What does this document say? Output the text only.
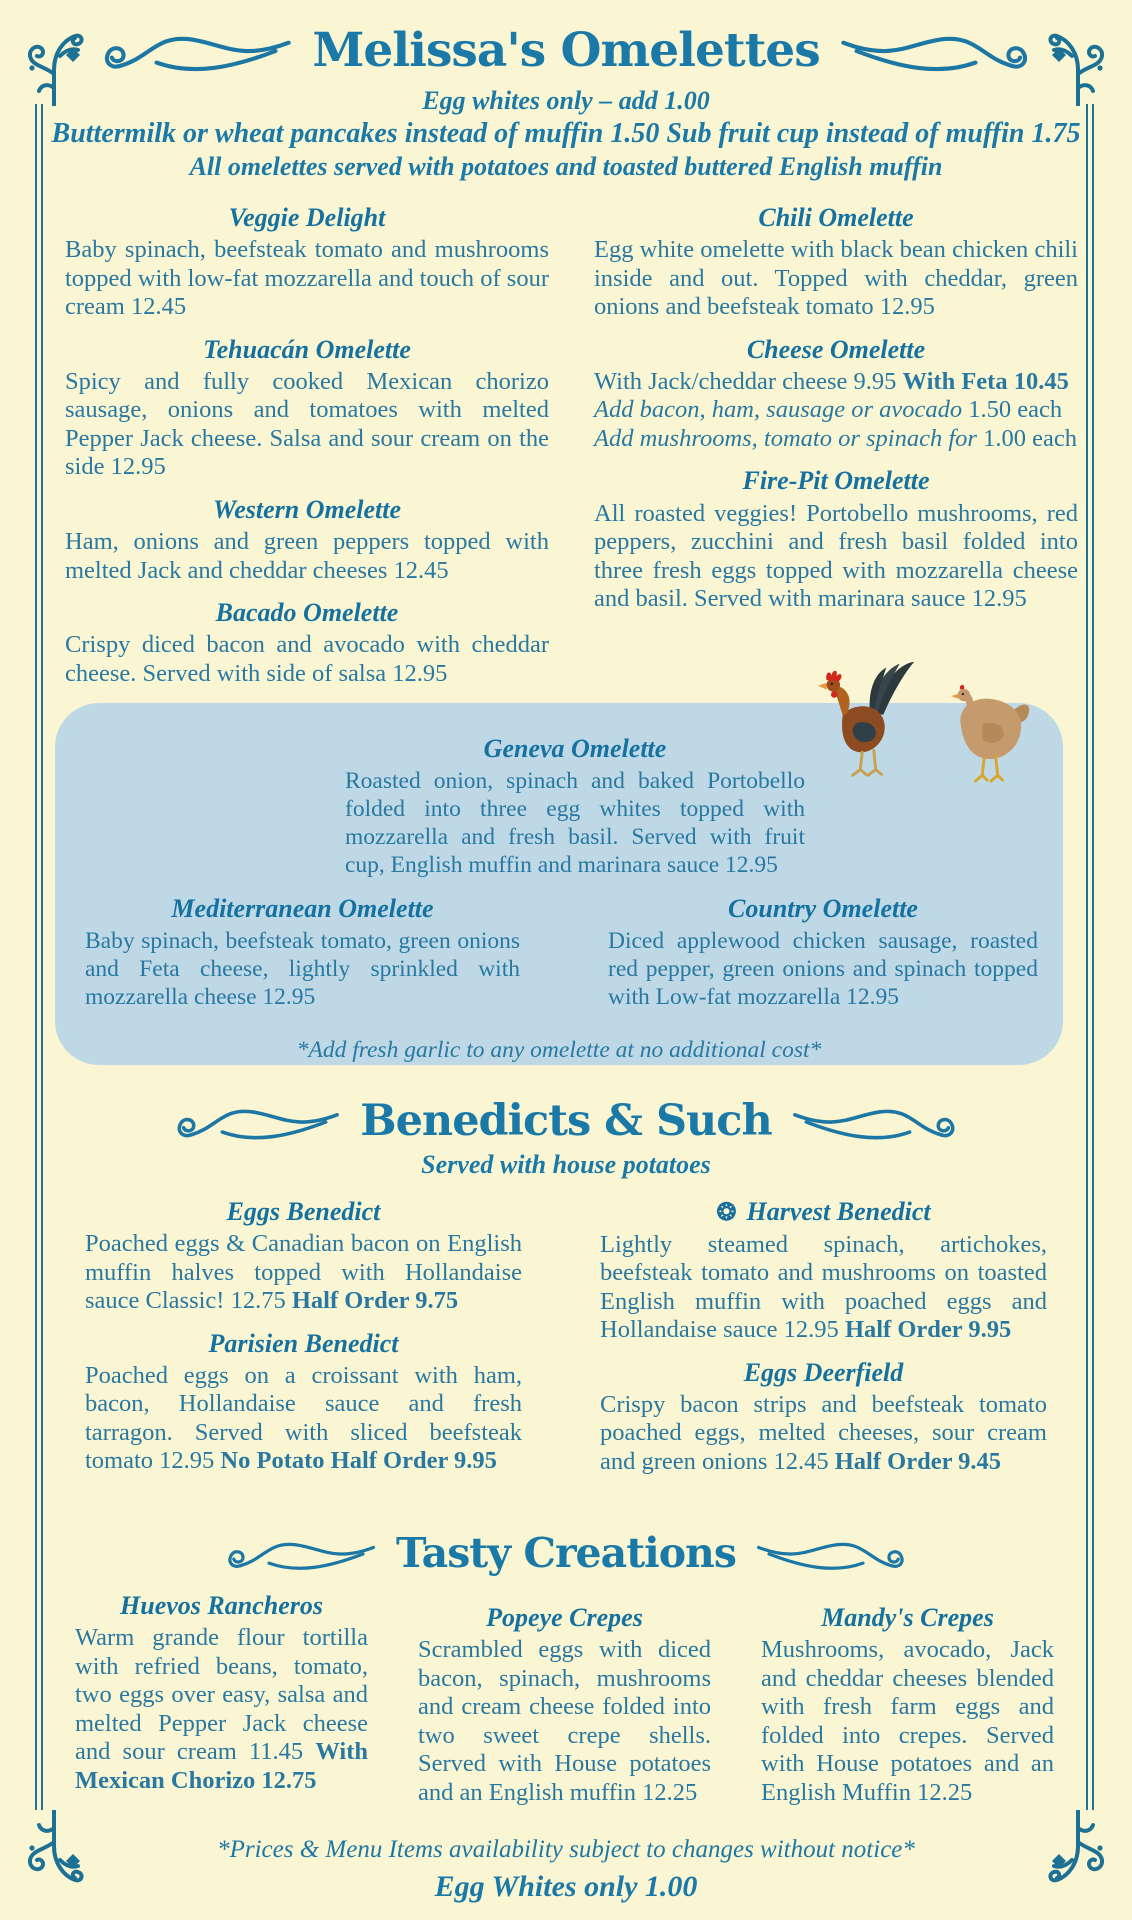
Melissa's Omelettes
Egg whites only – add 1.00
Buttermilk or wheat pancakes instead of muffin 1.50 Sub fruit cup instead of muffin 1.75
All omelettes served with potatoes and toasted buttered English muffin
Veggie Delight

Baby spinach, beefsteak tomato and mushrooms topped with low-fat mozzarella and touch of sour cream 12.45

Tehuacán Omelette

Spicy and fully cooked Mexican chorizo sausage, onions and tomatoes with melted Pepper Jack cheese. Salsa and sour cream on the side 12.95

Western Omelette

Ham, onions and green peppers topped with melted Jack and cheddar cheeses 12.45

Bacado Omelette

Crispy diced bacon and avocado with cheddar cheese. Served with side of salsa 12.95

Chili Omelette

Egg white omelette with black bean chicken chili inside and out. Topped with cheddar, green onions and beefsteak tomato 12.95

Cheese Omelette

With Jack/cheddar cheese 9.95 With Feta 10.45
Add bacon, ham, sausage or avocado 1.50 each
Add mushrooms, tomato or spinach for 1.00 each

Fire-Pit Omelette

All roasted veggies! Portobello mushrooms, red peppers, zucchini and fresh basil folded into three fresh eggs topped with mozzarella cheese and basil. Served with marinara sauce 12.95

Geneva Omelette

Roasted onion, spinach and baked Portobello folded into three egg whites topped with mozzarella and fresh basil. Served with fruit cup, English muffin and marinara sauce 12.95

Mediterranean Omelette

Baby spinach, beefsteak tomato, green onions and Feta cheese, lightly sprinkled with mozzarella cheese 12.95

Country Omelette

Diced applewood chicken sausage, roasted red pepper, green onions and spinach topped with Low-fat mozzarella 12.95

*Add fresh garlic to any omelette at no additional cost*
Benedicts & Such
Served with house potatoes
Eggs Benedict

Poached eggs & Canadian bacon on English muffin halves topped with Hollandaise sauce Classic! 12.75 Half Order 9.75

Parisien Benedict

Poached eggs on a croissant with ham, bacon, Hollandaise sauce and fresh tarragon. Served with sliced beefsteak tomato 12.95 No Potato Half Order 9.95

❂ Harvest Benedict

Lightly steamed spinach, artichokes, beefsteak tomato and mushrooms on toasted English muffin with poached eggs and Hollandaise sauce 12.95 Half Order 9.95

Eggs Deerfield

Crispy bacon strips and beefsteak tomato poached eggs, melted cheeses, sour cream and green onions 12.45 Half Order 9.45

Tasty Creations
Huevos Rancheros

Warm grande flour tortilla with refried beans, tomato, two eggs over easy, salsa and melted Pepper Jack cheese and sour cream 11.45 With Mexican Chorizo 12.75

Popeye Crepes

Scrambled eggs with diced bacon, spinach, mushrooms and cream cheese folded into two sweet crepe shells. Served with House potatoes and an English muffin 12.25

Mandy's Crepes

Mushrooms, avocado, Jack and cheddar cheeses blended with fresh farm eggs and folded into crepes. Served with House potatoes and an English Muffin 12.25

*Prices & Menu Items availability subject to changes without notice*

Egg Whites only 1.00
